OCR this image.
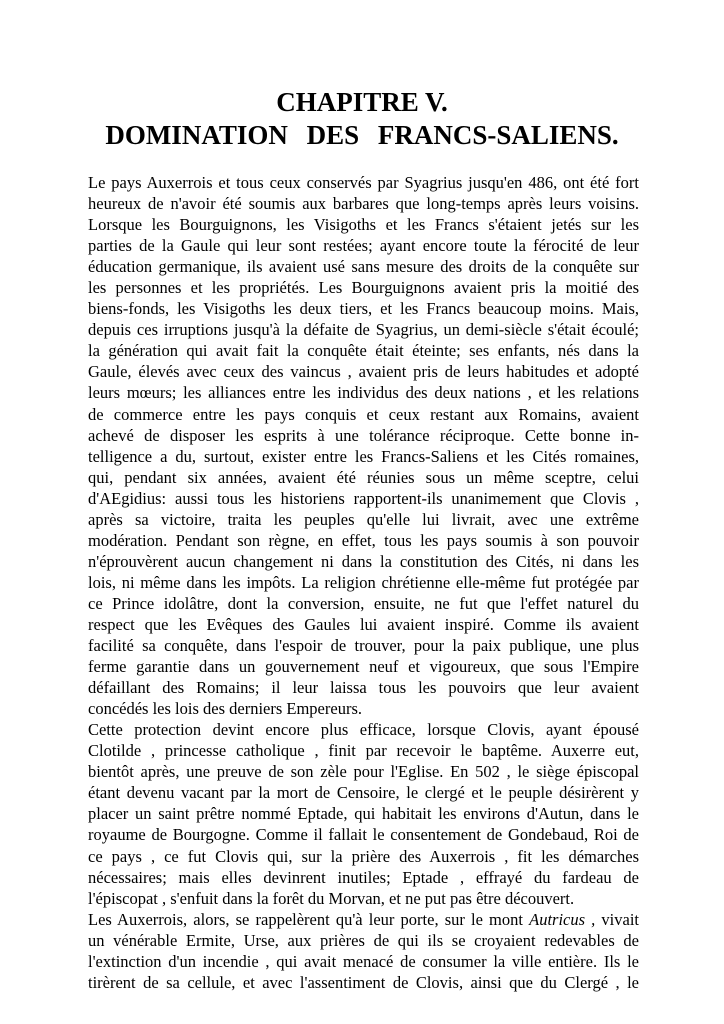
CHAPITRE V.
DOMINATION DES FRANCS-SALIENS.
Le pays Auxerrois et tous ceux conservés par Syagrius jusqu'en 486, ont été fort
heureux de n'avoir été soumis aux barbares que long-temps après leurs voisins.
Lorsque les Bourguignons, les Visigoths et les Francs s'étaient jetés sur les
parties de la Gaule qui leur sont restées; ayant encore toute la férocité de leur
éducation germanique, ils avaient usé sans mesure des droits de la conquête sur
les personnes et les propriétés. Les Bourguignons avaient pris la moitié des
biens-fonds, les Visigoths les deux tiers, et les Francs beaucoup moins. Mais,
depuis ces irruptions jusqu'à la défaite de Syagrius, un demi-siècle s'était écoulé;
la génération qui avait fait la conquête était éteinte; ses enfants, nés dans la
Gaule, élevés avec ceux des vaincus , avaient pris de leurs habitudes et adopté
leurs mœurs; les alliances entre les individus des deux nations , et les relations
de commerce entre les pays conquis et ceux restant aux Romains, avaient
achevé de disposer les esprits à une tolérance réciproque. Cette bonne in-
telligence a du, surtout, exister entre les Francs-Saliens et les Cités romaines,
qui, pendant six années, avaient été réunies sous un même sceptre, celui
d'AEgidius: aussi tous les historiens rapportent-ils unanimement que Clovis ,
après sa victoire, traita les peuples qu'elle lui livrait, avec une extrême
modération. Pendant son règne, en effet, tous les pays soumis à son pouvoir
n'éprouvèrent aucun changement ni dans la constitution des Cités, ni dans les
lois, ni même dans les impôts. La religion chrétienne elle-même fut protégée par
ce Prince idolâtre, dont la conversion, ensuite, ne fut que l'effet naturel du
respect que les Evêques des Gaules lui avaient inspiré. Comme ils avaient
facilité sa conquête, dans l'espoir de trouver, pour la paix publique, une plus
ferme garantie dans un gouvernement neuf et vigoureux, que sous l'Empire
défaillant des Romains; il leur laissa tous les pouvoirs que leur avaient
concédés les lois des derniers Empereurs.
Cette protection devint encore plus efficace, lorsque Clovis, ayant épousé
Clotilde , princesse catholique , finit par recevoir le baptême. Auxerre eut,
bientôt après, une preuve de son zèle pour l'Eglise. En 502 , le siège épiscopal
étant devenu vacant par la mort de Censoire, le clergé et le peuple désirèrent y
placer un saint prêtre nommé Eptade, qui habitait les environs d'Autun, dans le
royaume de Bourgogne. Comme il fallait le consentement de Gondebaud, Roi de
ce pays , ce fut Clovis qui, sur la prière des Auxerrois , fit les démarches
nécessaires; mais elles devinrent inutiles; Eptade , effrayé du fardeau de
l'épiscopat , s'enfuit dans la forêt du Morvan, et ne put pas être découvert.
Les Auxerrois, alors, se rappelèrent qu'à leur porte, sur le mont Autricus , vivait
un vénérable Ermite, Urse, aux prières de qui ils se croyaient redevables de
l'extinction d'un incendie , qui avait menacé de consumer la ville entière. Ils le
tirèrent de sa cellule, et avec l'assentiment de Clovis, ainsi que du Clergé , le
